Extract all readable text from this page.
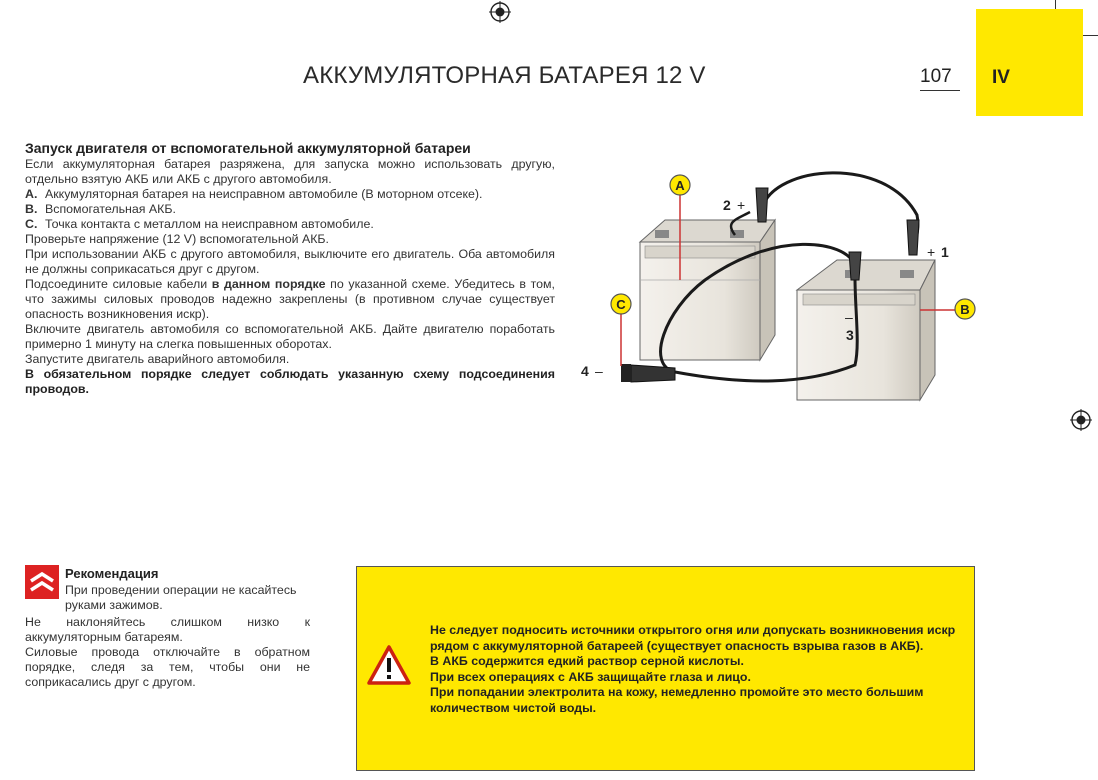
АККУМУЛЯТОРНАЯ БАТАРЕЯ 12 V	107	IV
Запуск двигателя от вспомогательной аккумуляторной батареи

Если аккумуляторная батарея разряжена, для запуска можно использовать другую, отдельно взятую АКБ или АКБ с другого автомобиля.

A. Аккумуляторная батарея на неисправном автомобиле (В моторном отсеке).

B. Вспомогательная АКБ.

C. Точка контакта с металлом на неисправном автомобиле.

Проверьте напряжение (12 V) вспомогательной АКБ.

При использовании АКБ с другого автомобиля, выключите его двигатель. Оба автомобиля не должны соприкасаться друг с другом.

Подсоедините силовые кабели в данном порядке по указанной схеме. Убедитесь в том, что зажимы силовых проводов надежно закреплены (в противном случае существует опасность возникновения искр).

Включите двигатель автомобиля со вспомогательной АКБ. Дайте двигателю поработать примерно 1 минуту на слегка повышенных оборотах.

Запустите двигатель аварийного автомобиля.

В обязательном порядке следует соблюдать указанную схему подсоединения проводов.

A
B
C
2 +
+ 1
–
3
4 –
Рекомендация

При проведении операции не касайтесь руками зажимов.

Не наклоняйтесь слишком низко к аккумуляторным батареям.

Силовые провода отключайте в обратном порядке, следя за тем, чтобы они не соприкасались друг с другом.

Не следует подносить источники открытого огня или допускать возникновения искр рядом с аккумуляторной батареей (существует опасность взрыва газов в АКБ).

В АКБ содержится едкий раствор серной кислоты.

При всех операциях с АКБ защищайте глаза и лицо.

При попадании электролита на кожу, немедленно промойте это место большим количеством чистой воды.
